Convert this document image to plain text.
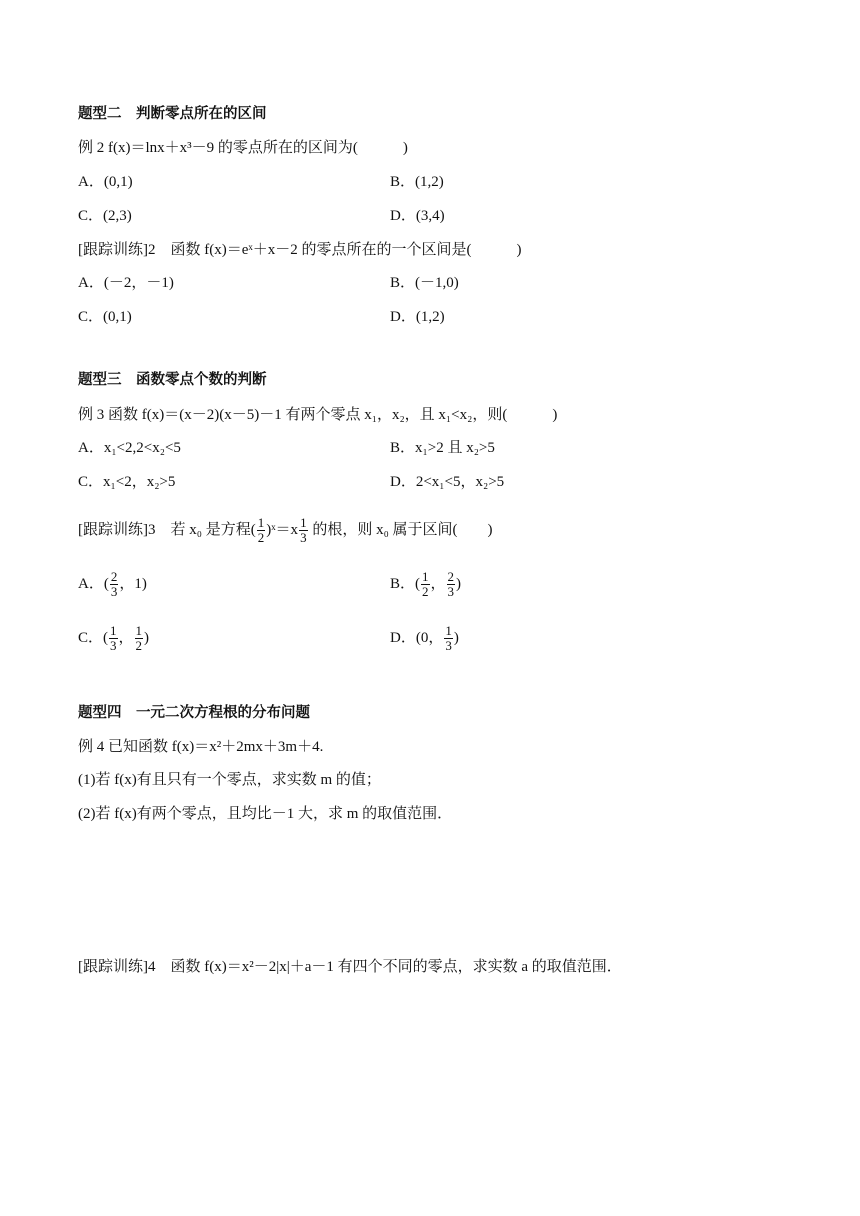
题型二　判断零点所在的区间
例 2 f(x)＝lnx＋x³－9 的零点所在的区间为(　　　)
A．(0,1)	B．(1,2)
C．(2,3)	D．(3,4)
[跟踪训练]2　函数 f(x)＝eˣ＋x－2 的零点所在的一个区间是(　　　)
A．(－2，－1)	B．(－1,0)
C．(0,1)	D．(1,2)
题型三　函数零点个数的判断
例 3 函数 f(x)＝(x－2)(x－5)－1 有两个零点 x₁，x₂，且 x₁<x₂，则(　　　)
A．x₁<2,2<x₂<5	B．x₁>2 且 x₂>5
C．x₁<2，x₂>5	D．2<x₁<5，x₂>5
[跟踪训练]3　若 x₀ 是方程( $\frac{1}{2}$ )ˣ＝x $\frac{1}{3}$ 的根，则 x₀ 属于区间(　　)
A．( $\frac{2}{3}$ ，1)	B．( $\frac{1}{2}$ ， $\frac{2}{3}$ )
C．( $\frac{1}{3}$ ， $\frac{1}{2}$ )	D．(0， $\frac{1}{3}$ )
题型四　一元二次方程根的分布问题
例 4 已知函数 f(x)＝x²＋2mx＋3m＋4.
(1)若 f(x)有且只有一个零点，求实数 m 的值；
(2)若 f(x)有两个零点，且均比－1 大，求 m 的取值范围．
[跟踪训练]4　函数 f(x)＝x²－2|x|＋a－1 有四个不同的零点，求实数 a 的取值范围．
